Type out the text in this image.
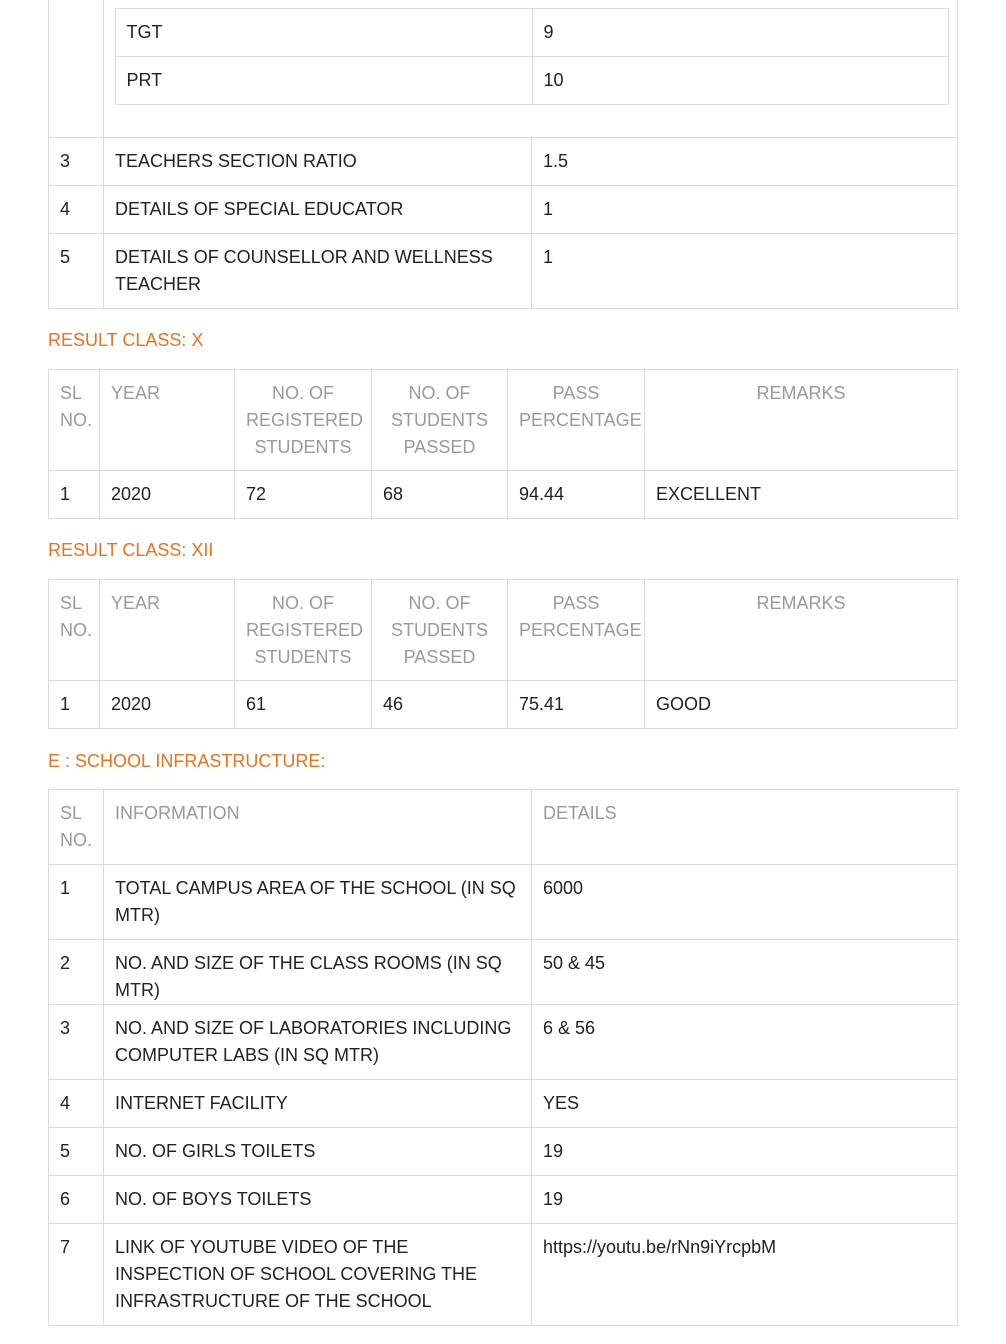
TGT	9
PRT	10

3	TEACHERS SECTION RATIO	1.5
4	DETAILS OF SPECIAL EDUCATOR	1
5	DETAILS OF COUNSELLOR AND WELLNESS TEACHER	1
RESULT CLASS: X
SL NO.	YEAR	NO. OF REGISTERED STUDENTS	NO. OF STUDENTS PASSED	PASS PERCENTAGE	REMARKS
1	2020	72	68	94.44	EXCELLENT
RESULT CLASS: XII
SL NO.	YEAR	NO. OF REGISTERED STUDENTS	NO. OF STUDENTS PASSED	PASS PERCENTAGE	REMARKS
1	2020	61	46	75.41	GOOD
E : SCHOOL INFRASTRUCTURE:
SL NO.	INFORMATION	DETAILS
1	TOTAL CAMPUS AREA OF THE SCHOOL (IN SQ MTR)	6000
2	NO. AND SIZE OF THE CLASS ROOMS (IN SQ MTR)	50 & 45
3	NO. AND SIZE OF LABORATORIES INCLUDING COMPUTER LABS (IN SQ MTR)	6 & 56
4	INTERNET FACILITY	YES
5	NO. OF GIRLS TOILETS	19
6	NO. OF BOYS TOILETS	19
7	LINK OF YOUTUBE VIDEO OF THE INSPECTION OF SCHOOL COVERING THE INFRASTRUCTURE OF THE SCHOOL	https://youtu.be/rNn9iYrcpbM
